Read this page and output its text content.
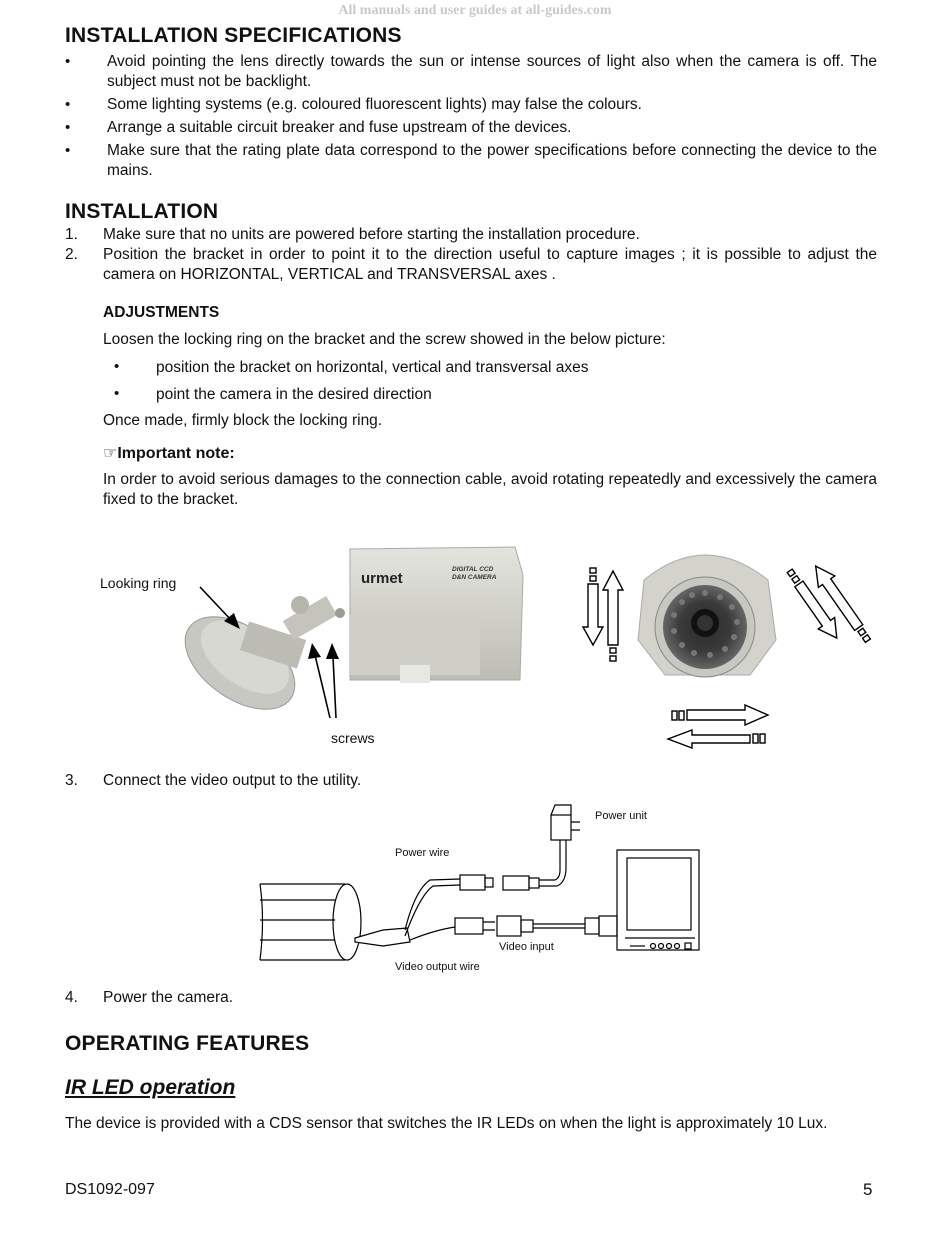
All manuals and user guides at all-guides.com
INSTALLATION SPECIFICATIONS
• Avoid pointing the lens directly towards the sun or intense sources of light also when the camera is off. The subject must not be backlight.
• Some lighting systems (e.g. coloured fluorescent lights) may false the colours.
• Arrange a suitable circuit breaker and fuse upstream of the devices.
• Make sure that the rating plate data correspond to the power specifications before connecting the device to the mains.
INSTALLATION
1. Make sure that no units are powered before starting the installation procedure.
2. Position the bracket in order to point it to the direction useful to capture images ; it is possible to adjust the camera on HORIZONTAL, VERTICAL and TRANSVERSAL axes .
ADJUSTMENTS
Loosen the locking ring on the bracket and the screw showed in the below picture:
• position the bracket on horizontal, vertical and transversal axes
• point the camera in the desired direction
Once made, firmly block the locking ring.
☞Important note:
In order to avoid serious damages to the connection cable, avoid rotating repeatedly and excessively the camera fixed to the bracket.
urmet
DIGITAL CCD
D&N CAMERA
Looking ring
screws
3. Connect the video output to the utility.
Power unit
Power wire
Video input
Video output wire
4. Power the camera.
OPERATING FEATURES
IR LED operation
The device is provided with a CDS sensor that switches the IR LEDs on when the light is approximately 10 Lux.
DS1092-097	5
